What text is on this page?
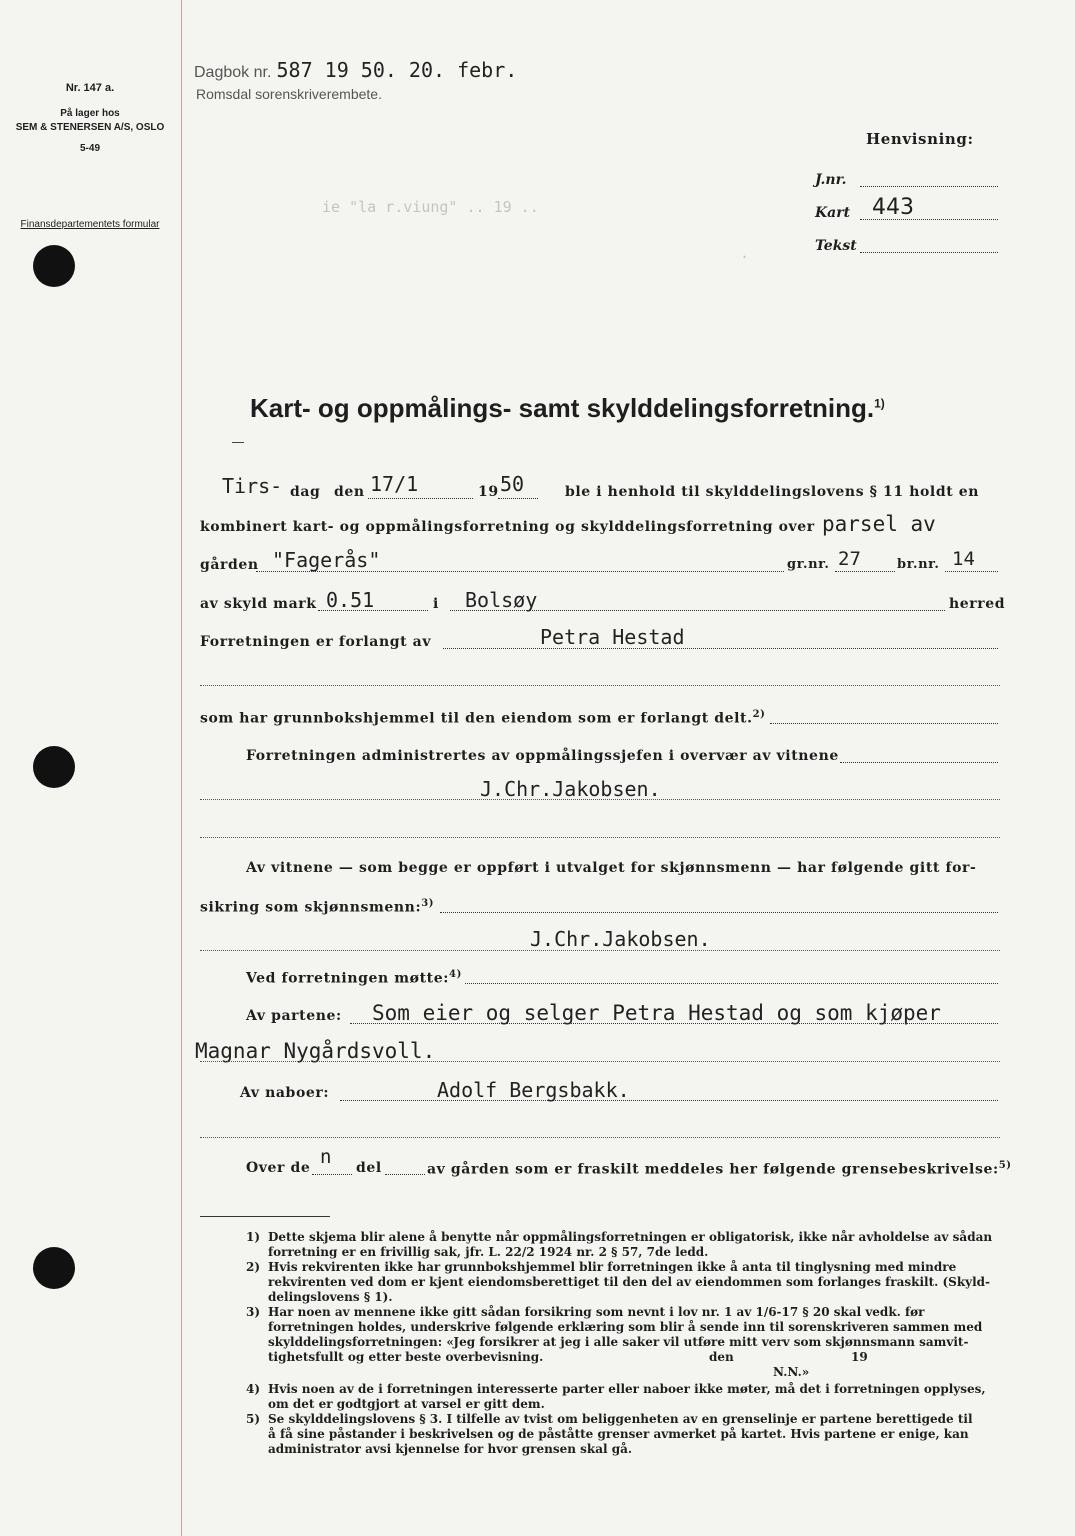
Nr. 147 a.
På lager hos
SEM & STENERSEN A/S, OSLO
5-49
Finansdepartementets formular
Dagbok nr. 587 19 50. 20. febr.
Romsdal sorenskriverembete.
ie "la r.viung" .. 19 ..
.
Henvisning:
J.nr.
Kart 443
Tekst
Kart- og oppmålings- samt skylddelingsforretning.$^{1)}$
Tirs- dag den 17/1	19 50	ble i henhold til skylddelingslovens § 11 holdt en
kombinert kart- og oppmålingsforretning og skylddelingsforretning over parsel av
gården "Fagerås"	gr.nr. 27	br.nr. 14
av skyld mark 0.51	i Bolsøy	herred
Forretningen er forlangt av	Petra Hestad
som har grunnbokshjemmel til den eiendom som er forlangt delt.$^{2)}$
Forretningen administrertes av oppmålingssjefen i overvær av vitnene
J.Chr.Jakobsen.
Av vitnene — som begge er oppført i utvalget for skjønnsmenn — har følgende gitt for-
sikring som skjønnsmenn:$^{3)}$
J.Chr.Jakobsen.
Ved forretningen møtte:$^{4)}$
Av partene: Som eier og selger Petra Hestad og som kjøper
Magnar Nygårdsvoll.
Av naboer:	Adolf Bergsbakk.
Over de n del	av gården som er fraskilt meddeles her følgende grensebeskrivelse:$^{5)}$
1) Dette skjema blir alene å benytte når oppmålingsforretningen er obligatorisk, ikke når avholdelse av sådan
forretning er en frivillig sak, jfr. L. 22/2 1924 nr. 2 § 57, 7de ledd.
2) Hvis rekvirenten ikke har grunnbokshjemmel blir forretningen ikke å anta til tinglysning med mindre
rekvirenten ved dom er kjent eiendomsberettiget til den del av eiendommen som forlanges fraskilt. (Skyld-
delingslovens § 1).
3) Har noen av mennene ikke gitt sådan forsikring som nevnt i lov nr. 1 av 1/6-17 § 20 skal vedk. før
forretningen holdes, underskrive følgende erklæring som blir å sende inn til sorenskriveren sammen med
skylddelingsforretningen: «Jeg forsikrer at jeg i alle saker vil utføre mitt verv som skjønnsmann samvit-
tighetsfullt og etter beste overbevisning.	den	19
N.N.»
4) Hvis noen av de i forretningen interesserte parter eller naboer ikke møter, må det i forretningen opplyses,
om det er godtgjort at varsel er gitt dem.
5) Se skylddelingslovens § 3. I tilfelle av tvist om beliggenheten av en grenselinje er partene berettigede til
å få sine påstander i beskrivelsen og de påståtte grenser avmerket på kartet. Hvis partene er enige, kan
administrator avsi kjennelse for hvor grensen skal gå.
